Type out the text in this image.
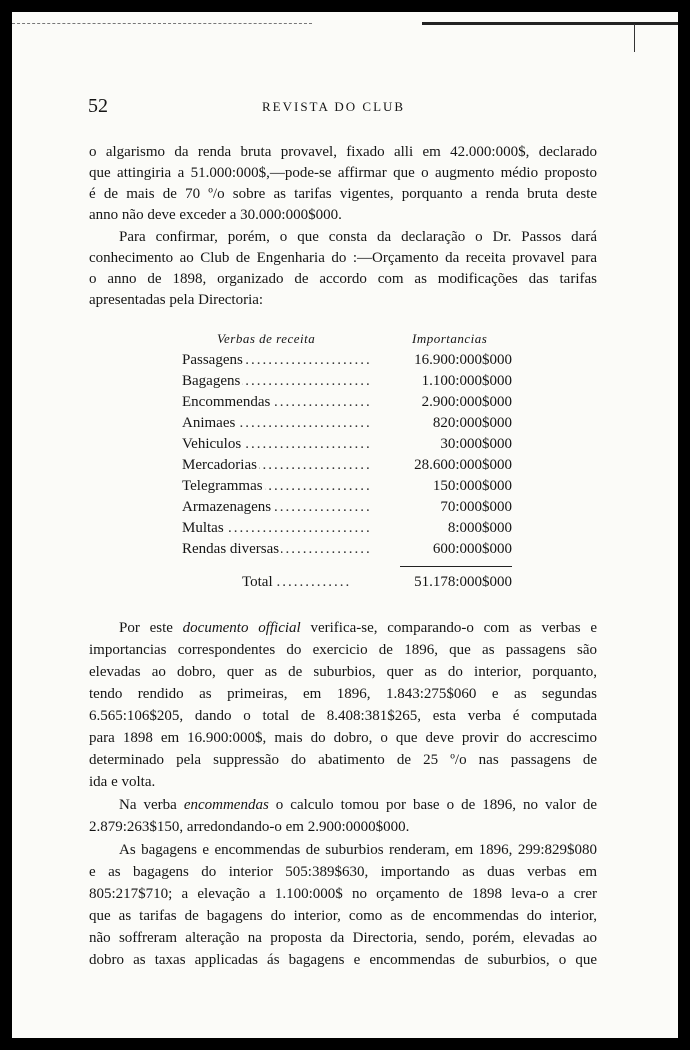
52	REVISTA DO CLUB
o algarismo da renda bruta provavel, fixado alli em 42.000:000$, declarado
que attingiria a 51.000:000$,—pode-se affirmar que o augmento médio proposto
é de mais de 70 º/o sobre as tarifas vigentes, porquanto a renda bruta deste
anno não deve exceder a 30.000:000$000.
Para confirmar, porém, o que consta da declaração o Dr. Passos dará
conhecimento ao Club de Engenharia do :—Orçamento da receita provavel para
o anno de 1898, organizado de accordo com as modificações das tarifas
apresentadas pela Directoria:
Verbas de receita	Importancias
Passagens .....	16.900:000$000
Bagagens .....	1.100:000$000
Encommendas .....	2.900:000$000
Animaes .....	820:000$000
Vehiculos .....	30:000$000
Mercadorias .....	28.600:000$000
Telegrammas .....	150:000$000
Armazenagens .....	70:000$000
Multas .....	8:000$000
Rendas diversas .....	600:000$000
Total .....	51.178:000$000
Por este documento official verifica-se, comparando-o com as verbas e
importancias correspondentes do exercicio de 1896, que as passagens são
elevadas ao dobro, quer as de suburbios, quer as do interior, porquanto,
tendo rendido as primeiras, em 1896, 1.843:275$060 e as segundas
6.565:106$205, dando o total de 8.408:381$265, esta verba é computada
para 1898 em 16.900:000$, mais do dobro, o que deve provir do accrescimo
determinado pela suppressão do abatimento de 25 º/o nas passagens de
ida e volta.
Na verba encommendas o calculo tomou por base o de 1896, no valor de
2.879:263$150, arredondando-o em 2.900:0000$000.
As bagagens e encommendas de suburbios renderam, em 1896, 299:829$080
e as bagagens do interior 505:389$630, importando as duas verbas em
805:217$710; a elevação a 1.100:000$ no orçamento de 1898 leva-o a crer
que as tarifas de bagagens do interior, como as de encommendas do interior,
não soffreram alteração na proposta da Directoria, sendo, porém, elevadas ao
dobro as taxas applicadas ás bagagens e encommendas de suburbios, o que
